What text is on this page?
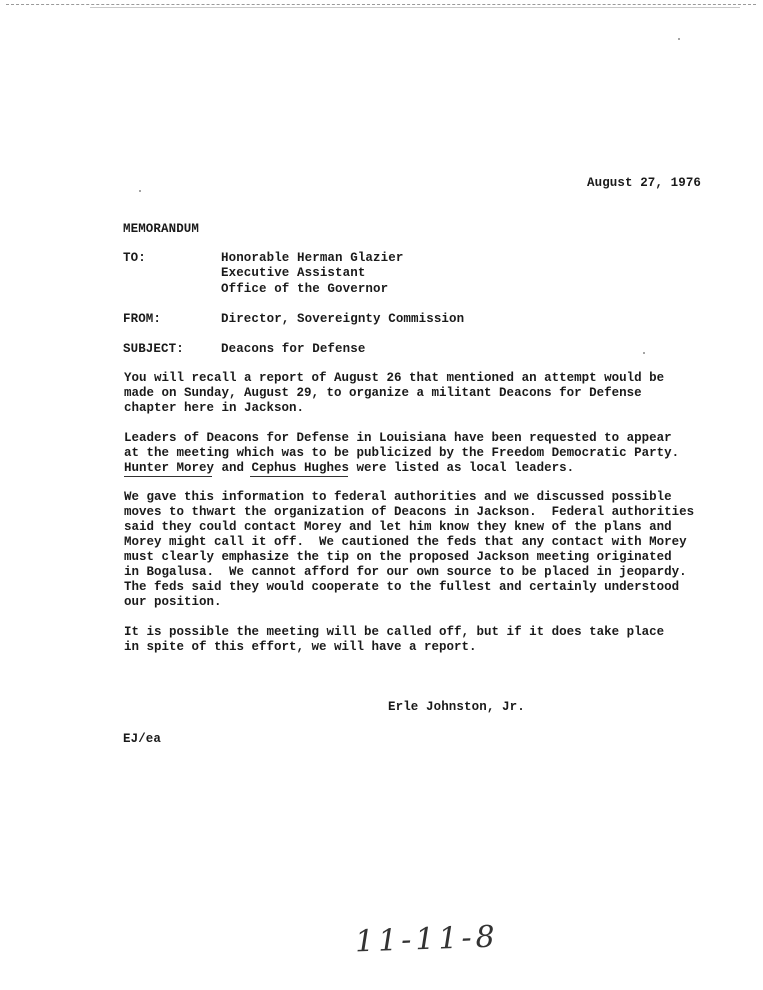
August 27, 1976
MEMORANDUM
TO:	Honorable Herman Glazier
Executive Assistant
Office of the Governor
FROM:	Director, Sovereignty Commission
SUBJECT:	Deacons for Defense
You will recall a report of August 26 that mentioned an attempt would be
made on Sunday, August 29, to organize a militant Deacons for Defense
chapter here in Jackson.
Leaders of Deacons for Defense in Louisiana have been requested to appear
at the meeting which was to be publicized by the Freedom Democratic Party.
Hunter Morey and Cephus Hughes were listed as local leaders.
We gave this information to federal authorities and we discussed possible
moves to thwart the organization of Deacons in Jackson.  Federal authorities
said they could contact Morey and let him know they knew of the plans and
Morey might call it off.  We cautioned the feds that any contact with Morey
must clearly emphasize the tip on the proposed Jackson meeting originated
in Bogalusa.  We cannot afford for our own source to be placed in jeopardy.
The feds said they would cooperate to the fullest and certainly understood
our position.
It is possible the meeting will be called off, but if it does take place
in spite of this effort, we will have a report.
Erle Johnston, Jr.
EJ/ea
11-11-8
